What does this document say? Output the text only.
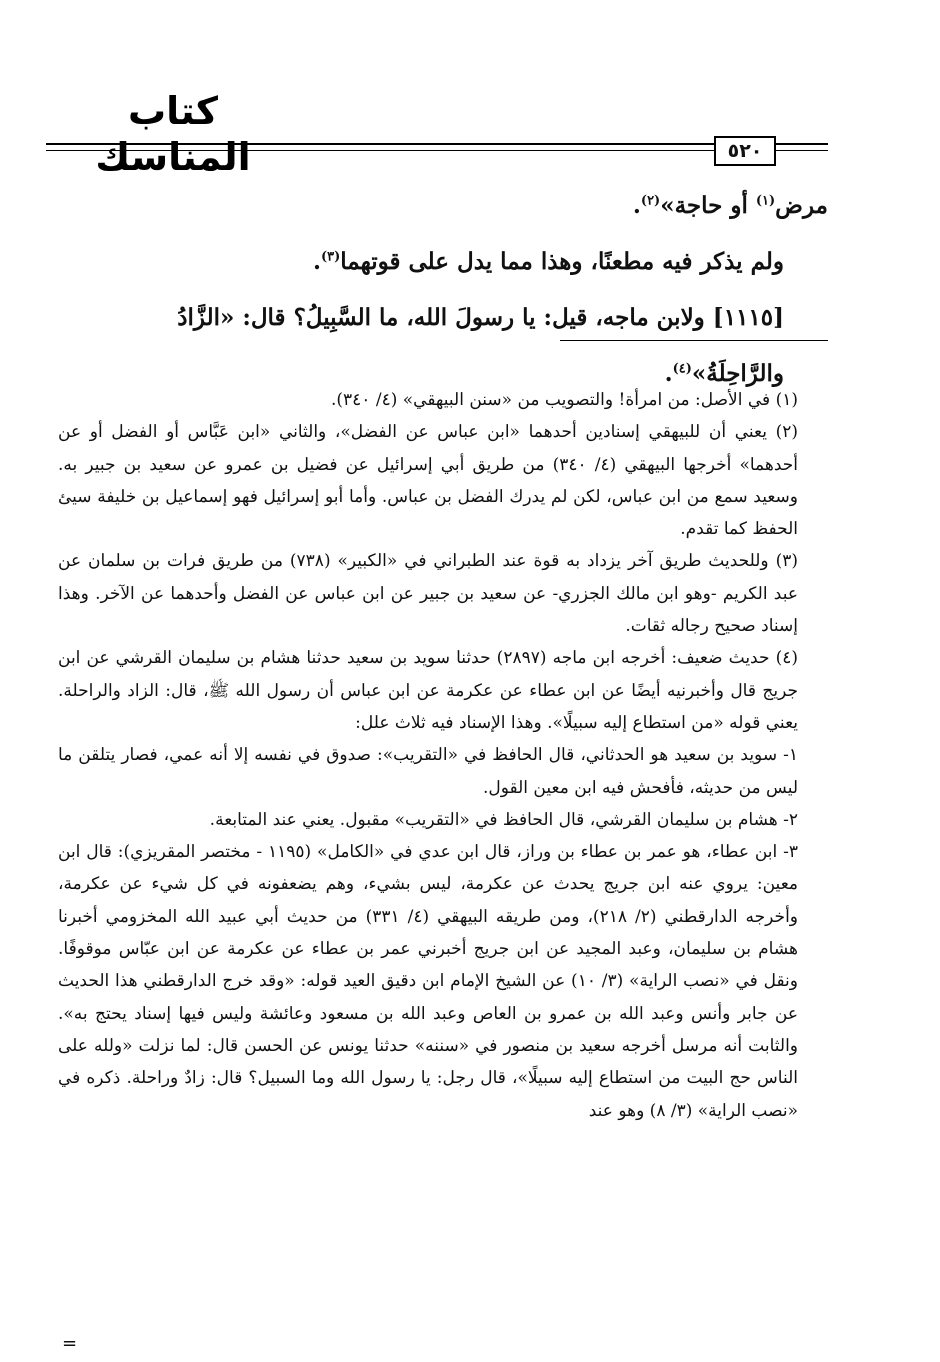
كتاب المناسك	٥٢٠

مرض$^{(١)}$ أو حاجة»$^{(٢)}$.

ولم يذكر فيه مطعنًا، وهذا مما يدل على قوتهما$^{(٣)}$.

[١١١٥] ولابن ماجه، قيل: يا رسولَ الله، ما السَّبِيلُ؟ قال: «الزَّادُ والرَّاحِلَةُ»$^{(٤)}$.

(١) في الأصل: من امرأة! والتصويب من «سنن البيهقي» (٤/ ٣٤٠).

(٢) يعني أن للبيهقي إسنادين أحدهما «ابن عباس عن الفضل»، والثاني «ابن عَبَّاس أو الفضل أو عن أحدهما» أخرجها البيهقي (٤/ ٣٤٠) من طريق أبي إسرائيل عن فضيل بن عمرو عن سعيد بن جبير به. وسعيد سمع من ابن عباس، لكن لم يدرك الفضل بن عباس. وأما أبو إسرائيل فهو إسماعيل بن خليفة سيئ الحفظ كما تقدم.

(٣) وللحديث طريق آخر يزداد به قوة عند الطبراني في «الكبير» (٧٣٨) من طريق فرات بن سلمان عن عبد الكريم -وهو ابن مالك الجزري- عن سعيد بن جبير عن ابن عباس عن الفضل وأحدهما عن الآخر. وهذا إسناد صحيح رجاله ثقات.

(٤) حديث ضعيف: أخرجه ابن ماجه (٢٨٩٧) حدثنا سويد بن سعيد حدثنا هشام بن سليمان القرشي عن ابن جريج قال وأخبرنيه أيضًا عن ابن عطاء عن عكرمة عن ابن عباس أن رسول الله ﷺ، قال: الزاد والراحلة. يعني قوله «من استطاع إليه سبيلًا». وهذا الإسناد فيه ثلاث علل:

١- سويد بن سعيد هو الحدثاني، قال الحافظ في «التقريب»: صدوق في نفسه إلا أنه عمي، فصار يتلقن ما ليس من حديثه، فأفحش فيه ابن معين القول.

٢- هشام بن سليمان القرشي، قال الحافظ في «التقريب» مقبول. يعني عند المتابعة.

٣- ابن عطاء، هو عمر بن عطاء بن وراز، قال ابن عدي في «الكامل» (١١٩٥ - مختصر المقريزي): قال ابن معين: يروي عنه ابن جريج يحدث عن عكرمة، ليس بشيء، وهم يضعفونه في كل شيء عن عكرمة، وأخرجه الدارقطني (٢/ ٢١٨)، ومن طريقه البيهقي (٤/ ٣٣١) من حديث أبي عبيد الله المخزومي أخبرنا هشام بن سليمان، وعبد المجيد عن ابن جريج أخبرني عمر بن عطاء عن عكرمة عن ابن عبّاس موقوفًا. ونقل في «نصب الراية» (٣/ ١٠) عن الشيخ الإمام ابن دقيق العيد قوله: «وقد خرج الدارقطني هذا الحديث عن جابر وأنس وعبد الله بن عمرو بن العاص وعبد الله بن مسعود وعائشة وليس فيها إسناد يحتج به». والثابت أنه مرسل أخرجه سعيد بن منصور في «سننه» حدثنا يونس عن الحسن قال: لما نزلت «ولله على الناس حج البيت من استطاع إليه سبيلًا»، قال رجل: يا رسول الله وما السبيل؟ قال: زادٌ وراحلة. ذكره في «نصب الراية» (٣/ ٨) وهو عند

=
